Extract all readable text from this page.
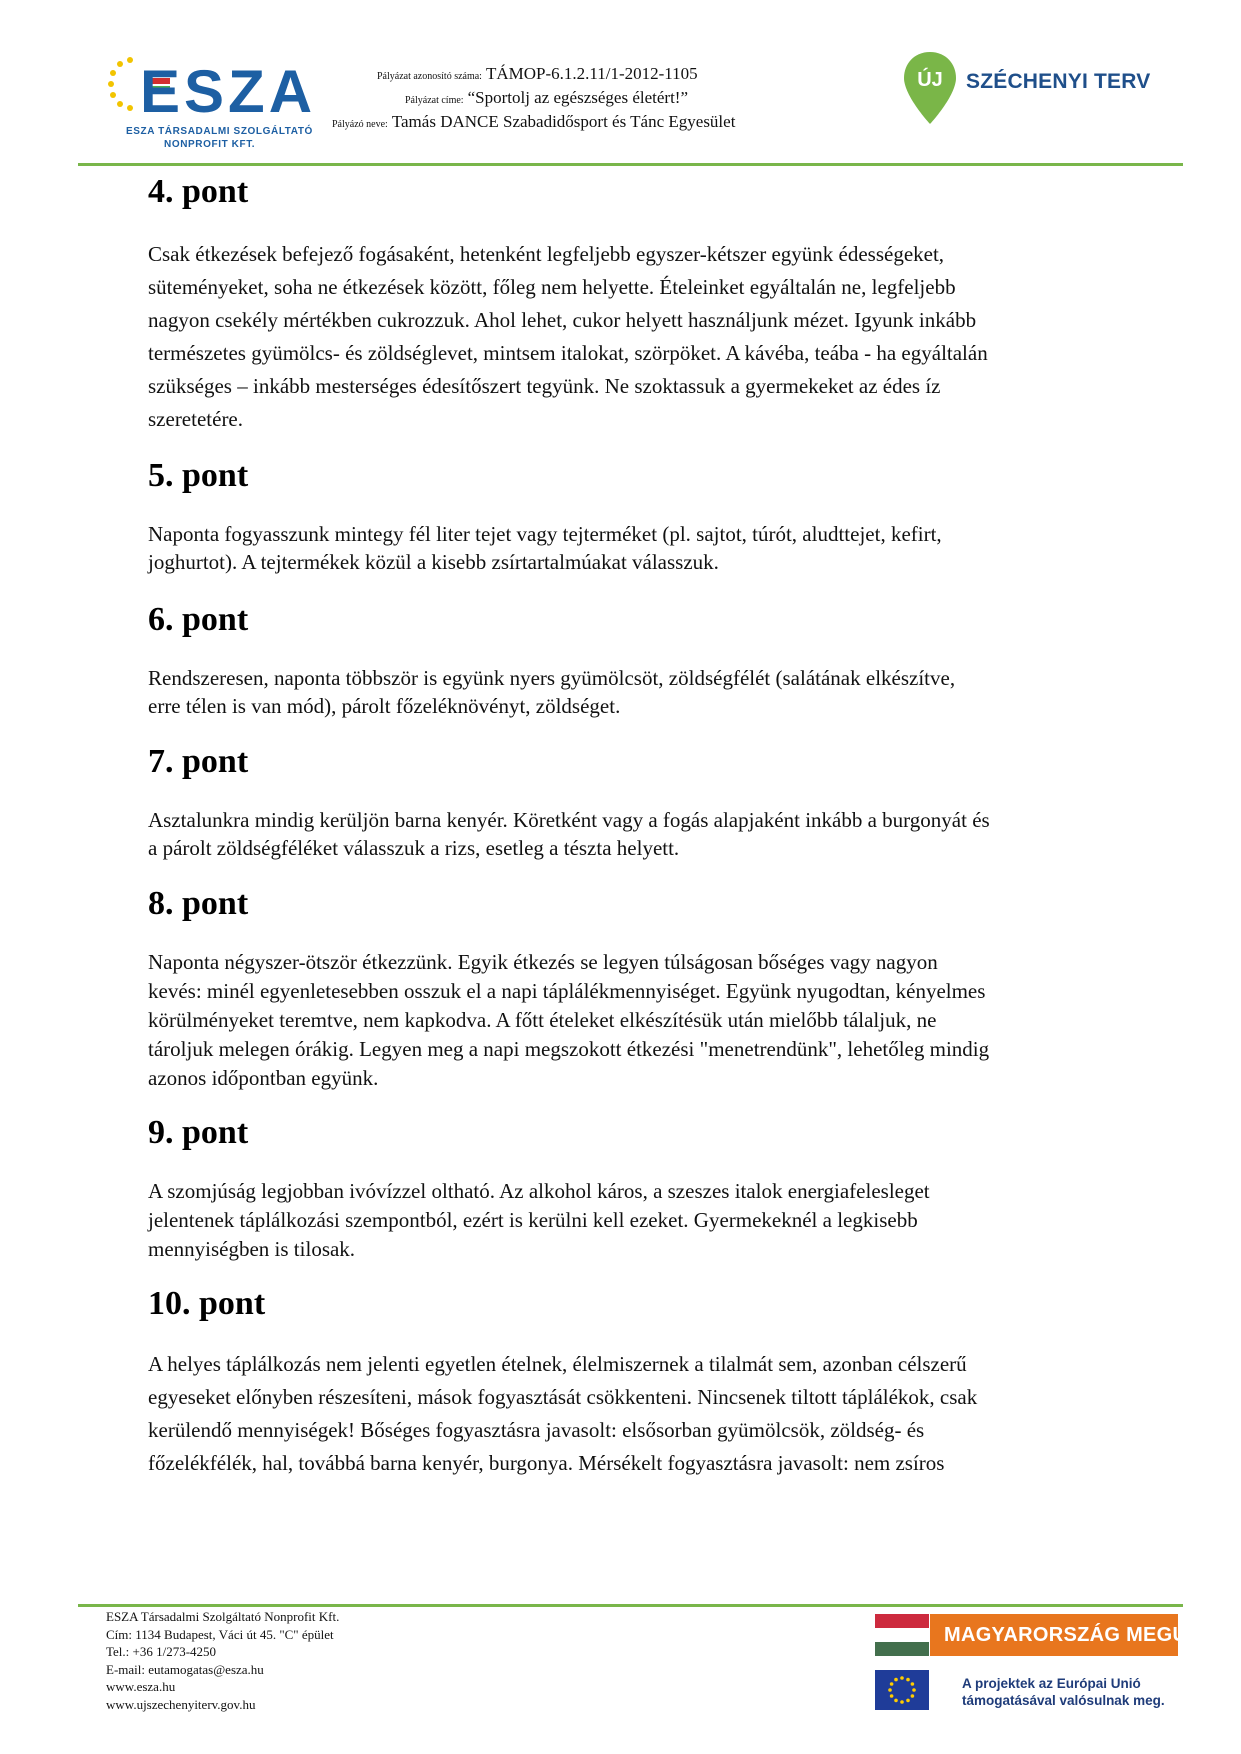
ESZA
ESZA TÁRSADALMI SZOLGÁLTATÓ
NONPROFIT KFT.
Pályázat azonosító száma: TÁMOP-6.1.2.11/1-2012-1105
Pályázat címe: “Sportolj az egészséges életért!”
Pályázó neve: Tamás DANCE Szabadidősport és Tánc Egyesület
ÚJ SZÉCHENYI TERV
4. pont

Csak étkezések befejező fogásaként, hetenként legfeljebb egyszer-kétszer együnk édességeket,
süteményeket, soha ne étkezések között, főleg nem helyette. Ételeinket egyáltalán ne, legfeljebb
nagyon csekély mértékben cukrozzuk. Ahol lehet, cukor helyett használjunk mézet. Igyunk inkább
természetes gyümölcs- és zöldséglevet, mintsem italokat, szörpöket. A kávéba, teába - ha egyáltalán
szükséges – inkább mesterséges édesítőszert tegyünk. Ne szoktassuk a gyermekeket az édes íz
szeretetére.

5. pont

Naponta fogyasszunk mintegy fél liter tejet vagy tejterméket (pl. sajtot, túrót, aludttejet, kefirt,
joghurtot). A tejtermékek közül a kisebb zsírtartalmúakat válasszuk.

6. pont

Rendszeresen, naponta többször is együnk nyers gyümölcsöt, zöldségfélét (salátának elkészítve,
erre télen is van mód), párolt főzeléknövényt, zöldséget.

7. pont

Asztalunkra mindig kerüljön barna kenyér. Köretként vagy a fogás alapjaként inkább a burgonyát és
a párolt zöldségféléket válasszuk a rizs, esetleg a tészta helyett.

8. pont

Naponta négyszer-ötször étkezzünk. Egyik étkezés se legyen túlságosan bőséges vagy nagyon
kevés: minél egyenletesebben osszuk el a napi táplálékmennyiséget. Együnk nyugodtan, kényelmes
körülményeket teremtve, nem kapkodva. A főtt ételeket elkészítésük után mielőbb tálaljuk, ne
tároljuk melegen órákig. Legyen meg a napi megszokott étkezési "menetrendünk", lehetőleg mindig
azonos időpontban együnk.

9. pont

A szomjúság legjobban ivóvízzel oltható. Az alkohol káros, a szeszes italok energiafelesleget
jelentenek táplálkozási szempontból, ezért is kerülni kell ezeket. Gyermekeknél a legkisebb
mennyiségben is tilosak.

10. pont

A helyes táplálkozás nem jelenti egyetlen ételnek, élelmiszernek a tilalmát sem, azonban célszerű
egyeseket előnyben részesíteni, mások fogyasztását csökkenteni. Nincsenek tiltott táplálékok, csak
kerülendő mennyiségek! Bőséges fogyasztásra javasolt: elsősorban gyümölcsök, zöldség- és
főzelékfélék, hal, továbbá barna kenyér, burgonya. Mérsékelt fogyasztásra javasolt: nem zsíros

ESZA Társadalmi Szolgáltató Nonprofit Kft.
Cím: 1134 Budapest, Váci út 45. "C" épület
Tel.: +36 1/273-4250
E-mail: eutamogatas@esza.hu
www.esza.hu
www.ujszechenyiterv.gov.hu
MAGYARORSZÁG MEGÚJUL
A projektek az Európai Unió
támogatásával valósulnak meg.
